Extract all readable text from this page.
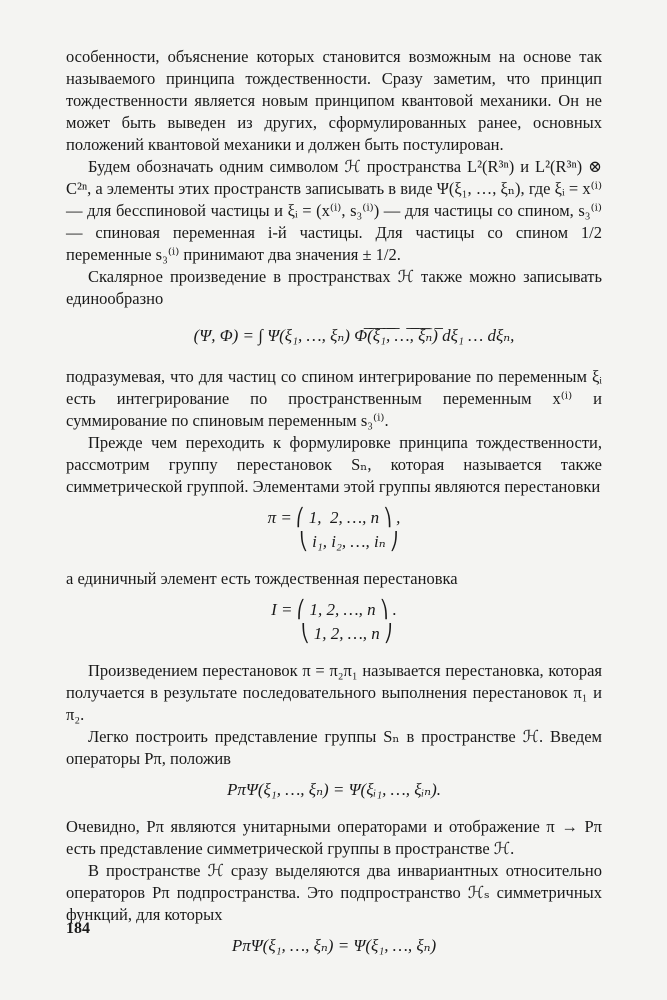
особенности, объяснение которых становится возможным на основе так называемого принципа тождественности. Сразу заметим, что принцип тождественности является новым принципом квантовой механики. Он не может быть выведен из других, сформулированных ранее, основных положений квантовой механики и должен быть постулирован.

Будем обозначать одним символом ℋ пространства L²(R³ⁿ) и L²(R³ⁿ) ⊗ C²ⁿ, а элементы этих пространств записывать в виде Ψ(ξ₁, …, ξₙ), где ξᵢ = x⁽ⁱ⁾ — для бесспиновой частицы и ξᵢ = (x⁽ⁱ⁾, s₃⁽ⁱ⁾) — для частицы со спином, s₃⁽ⁱ⁾ — спиновая переменная i-й частицы. Для частицы со спином 1/2 переменные s₃⁽ⁱ⁾ принимают два значения ± 1/2.

Скалярное произведение в пространствах ℋ также можно записывать единообразно

(Ψ, Φ) = ∫ Ψ(ξ₁, …, ξₙ) Φ̅(̅ξ̅₁̅,̅ ̅…̅,̅ ̅ξ̅ₙ̅)̅ dξ₁ … dξₙ,

подразумевая, что для частиц со спином интегрирование по переменным ξᵢ есть интегрирование по пространственным переменным x⁽ⁱ⁾ и суммирование по спиновым переменным s₃⁽ⁱ⁾.

Прежде чем переходить к формулировке принципа тождественности, рассмотрим группу перестановок Sₙ, которая называется также симметрической группой. Элементами этой группы являются перестановки

π = ⎛ 1,  2, …, n ⎞ ,
⎝ i₁, i₂, …, iₙ ⎠

а единичный элемент есть тождественная перестановка

I = ⎛ 1, 2, …, n ⎞ .
⎝ 1, 2, …, n ⎠

Произведением перестановок π = π₂π₁ называется перестановка, которая получается в результате последовательного выполнения перестановок π₁ и π₂.

Легко построить представление группы Sₙ в пространстве ℋ. Введем операторы Pπ, положив

PπΨ(ξ₁, …, ξₙ) = Ψ(ξᵢ₁, …, ξᵢₙ).

Очевидно, Pπ являются унитарными операторами и отображение π → Pπ есть представление симметрической группы в пространстве ℋ.

В пространстве ℋ сразу выделяются два инвариантных относительно операторов Pπ подпространства. Это подпространство ℋₛ симметричных функций, для которых

PπΨ(ξ₁, …, ξₙ) = Ψ(ξ₁, …, ξₙ)

184
